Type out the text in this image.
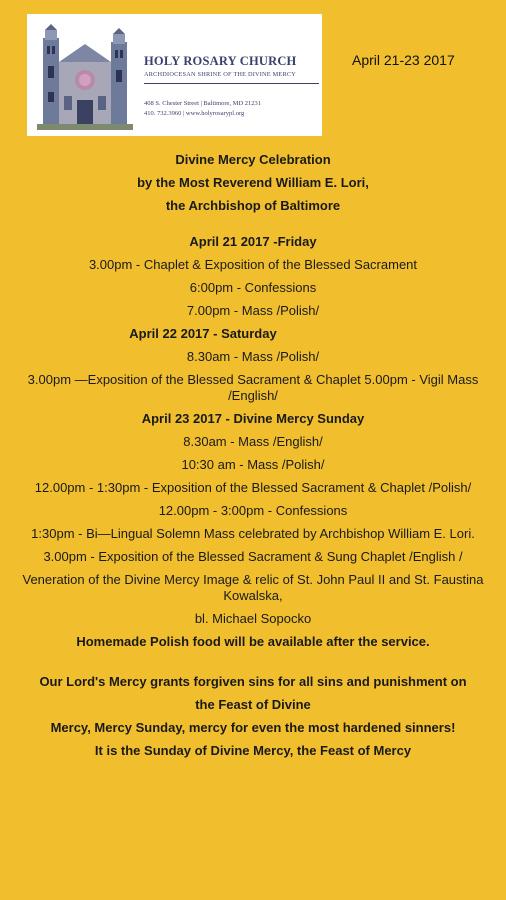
HOLY ROSARY CHURCH
ARCHDIOCESAN SHRINE OF THE DIVINE MERCY
408 S. Chester Street | Baltimore, MD 21231
410. 732.3960 | www.holyrosarypl.org
April 21-23 2017

Divine Mercy Celebration

by the Most Reverend William E. Lori,

the Archbishop of Baltimore

April 21 2017 -Friday

3.00pm - Chaplet & Exposition of the Blessed Sacrament

6:00pm - Confessions

7.00pm - Mass /Polish/

April 22 2017 - Saturday

8.30am - Mass /Polish/

3.00pm —Exposition of the Blessed Sacrament & Chaplet 5.00pm - Vigil Mass /English/

April 23 2017 - Divine Mercy Sunday

8.30am - Mass /English/

10:30 am - Mass /Polish/

12.00pm - 1:30pm - Exposition of the Blessed Sacrament & Chaplet /Polish/

12.00pm - 3:00pm - Confessions

1:30pm - Bi—Lingual Solemn Mass celebrated by Archbishop William E. Lori.

3.00pm - Exposition of the Blessed Sacrament & Sung Chaplet /English /

Veneration of the Divine Mercy Image & relic of St. John Paul II and St. Faustina Kowalska,

bl. Michael Sopocko

Homemade Polish food will be available after the service.

Our Lord's Mercy grants forgiven sins for all sins and punishment on

the Feast of Divine

Mercy, Mercy Sunday, mercy for even the most hardened sinners!

It is the Sunday of Divine Mercy, the Feast of Mercy
